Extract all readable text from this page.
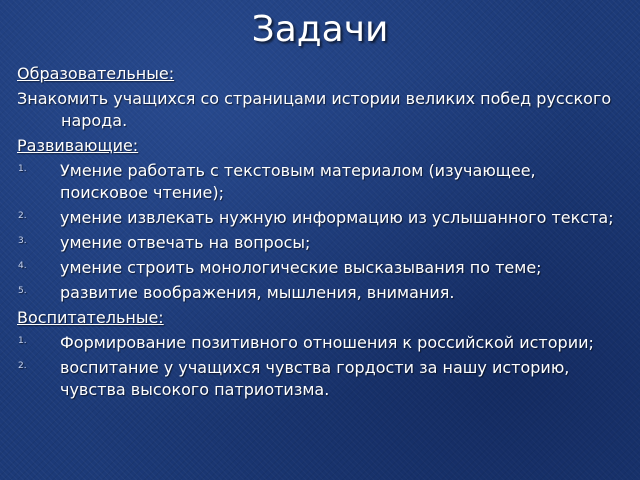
Задачи
Образовательные:
Знакомить учащихся со страницами истории великих побед русского народа.
Развивающие:
1. Умение работать с текстовым материалом (изучающее, поисковое чтение);
2. умение извлекать нужную информацию из услышанного текста;
3. умение отвечать на вопросы;
4. умение строить монологические высказывания по теме;
5. развитие воображения, мышления, внимания.
Воспитательные:
1. Формирование позитивного отношения к российской истории;
2. воспитание у учащихся чувства гордости за нашу историю, чувства высокого патриотизма.
